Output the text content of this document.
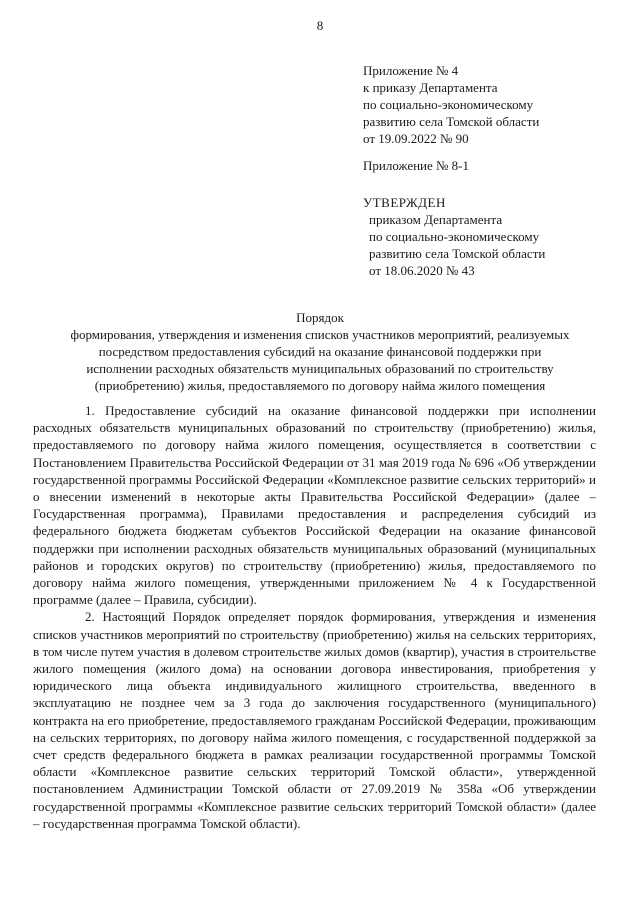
8
Приложение № 4
к приказу Департамента
по социально-экономическому
развитию села Томской области
от 19.09.2022 № 90
Приложение № 8-1
УТВЕРЖДЕН
приказом Департамента
по социально-экономическому
развитию села Томской области
от 18.06.2020 № 43
Порядок
формирования, утверждения и изменения списков участников мероприятий, реализуемых
посредством предоставления субсидий на оказание финансовой поддержки при
исполнении расходных обязательств муниципальных образований по строительству
(приобретению) жилья, предоставляемого по договору найма жилого помещения

1. Предоставление субсидий на оказание финансовой поддержки при исполнении расходных обязательств муниципальных образований по строительству (приобретению) жилья, предоставляемого по договору найма жилого помещения, осуществляется в соответствии с Постановлением Правительства Российской Федерации от 31 мая 2019 года № 696 «Об утверждении государственной программы Российской Федерации «Комплексное развитие сельских территорий» и о внесении изменений в некоторые акты Правительства Российской Федерации» (далее – Государственная программа), Правилами предоставления и распределения субсидий из федерального бюджета бюджетам субъектов Российской Федерации на оказание финансовой поддержки при исполнении расходных обязательств муниципальных образований (муниципальных районов и городских округов) по строительству (приобретению) жилья, предоставляемого по договору найма жилого помещения, утвержденными приложением № 4 к Государственной программе (далее – Правила, субсидии).

2. Настоящий Порядок определяет порядок формирования, утверждения и изменения списков участников мероприятий по строительству (приобретению) жилья на сельских территориях, в том числе путем участия в долевом строительстве жилых домов (квартир), участия в строительстве жилого помещения (жилого дома) на основании договора инвестирования, приобретения у юридического лица объекта индивидуального жилищного строительства, введенного в эксплуатацию не позднее чем за 3 года до заключения государственного (муниципального) контракта на его приобретение, предоставляемого гражданам Российской Федерации, проживающим на сельских территориях, по договору найма жилого помещения, с государственной поддержкой за счет средств федерального бюджета в рамках реализации государственной программы Томской области «Комплексное развитие сельских территорий Томской области», утвержденной постановлением Администрации Томской области от 27.09.2019 № 358а «Об утверждении государственной программы «Комплексное развитие сельских территорий Томской области» (далее – государственная программа Томской области).
